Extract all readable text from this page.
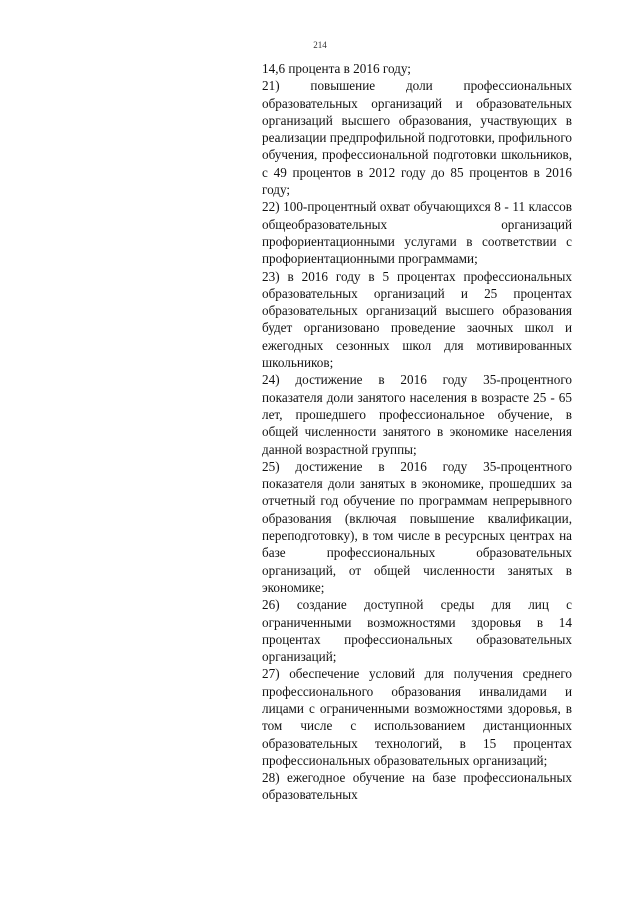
214

14,6 процента в 2016 году;

21) повышение доли профессиональных образовательных организаций и образовательных организаций высшего образования, участвующих в реализации предпрофильной подготовки, профильного обучения, профессиональной подготовки школьников, с 49 процентов в 2012 году до 85 процентов в 2016 году;

22) 100-процентный охват обучающихся 8 - 11 классов общеобразовательных организаций профориентационными услугами в соответствии с профориентационными программами;

23) в 2016 году в 5 процентах профессиональных образовательных организаций и 25 процентах образовательных организаций высшего образования будет организовано проведение заочных школ и ежегодных сезонных школ для мотивированных школьников;

24) достижение в 2016 году 35-процентного показателя доли занятого населения в возрасте 25 - 65 лет, прошедшего профессиональное обучение, в общей численности занятого в экономике населения данной возрастной группы;

25) достижение в 2016 году 35-процентного показателя доли занятых в экономике, прошедших за отчетный год обучение по программам непрерывного образования (включая повышение квалификации, переподготовку), в том числе в ресурсных центрах на базе профессиональных образовательных организаций, от общей численности занятых в экономике;

26) создание доступной среды для лиц с ограниченными возможностями здоровья в 14 процентах профессиональных образовательных организаций;

27) обеспечение условий для получения среднего профессионального образования инвалидами и лицами с ограниченными возможностями здоровья, в том числе с использованием дистанционных образовательных технологий, в 15 процентах профессиональных образовательных организаций;

28) ежегодное обучение на базе профессиональных образовательных
